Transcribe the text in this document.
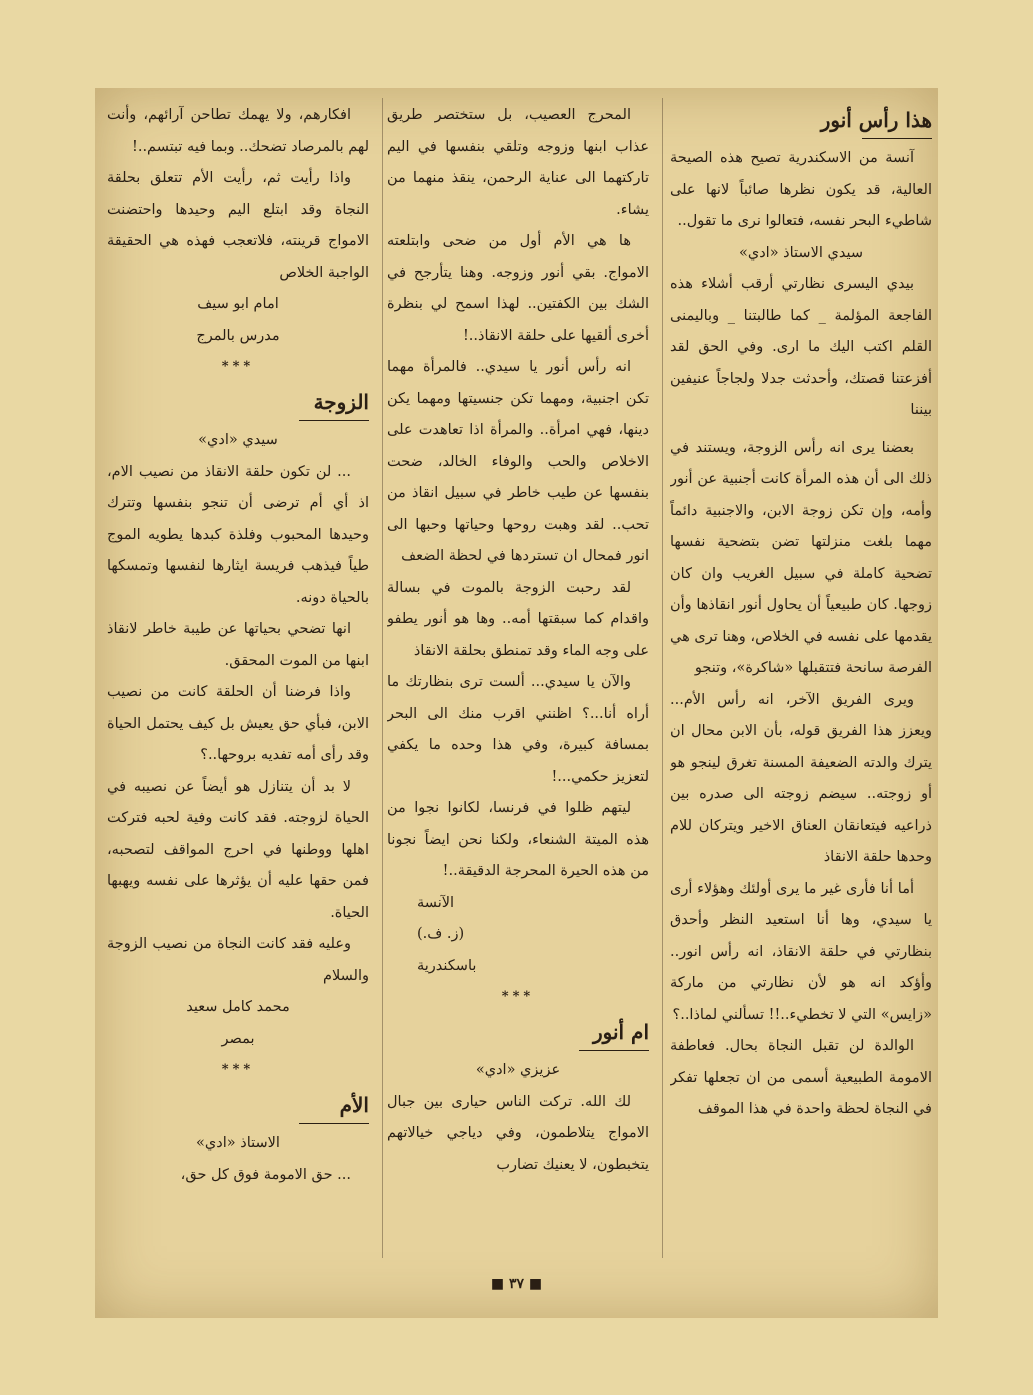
هذا رأس أنور

آنسة من الاسكندرية تصيح هذه الصيحة العالية، قد يكون نظرها صائباً لانها على شاطيء البحر نفسه، فتعالوا نرى ما تقول..

سيدي الاستاذ «ادي»

بيدي اليسرى نظارتي أرقب أشلاء هذه الفاجعة المؤلمة _ كما طالبتنا _ وباليمنى القلم اكتب اليك ما ارى. وفي الحق لقد أفزعتنا قصتك، وأحدثت جدلا ولجاجاً عنيفين بيننا

بعضنا يرى انه رأس الزوجة، ويستند في ذلك الى أن هذه المرأة كانت أجنبية عن أنور وأمه، وإن تكن زوجة الابن، والاجنبية دائماً مهما بلغت منزلتها تضن بتضحية نفسها تضحية كاملة في سبيل الغريب وان كان زوجها. كان طبيعياً أن يحاول أنور انقاذها وأن يقدمها على نفسه في الخلاص، وهنا ترى هي الفرصة سانحة فتتقبلها «شاكرة»، وتنجو

ويرى الفريق الآخر، انه رأس الأم... ويعزز هذا الفريق قوله، بأن الابن محال ان يترك والدته الضعيفة المسنة تغرق لينجو هو أو زوجته.. سيضم زوجته الى صدره بين ذراعيه فيتعانقان العناق الاخير ويتركان للام وحدها حلقة الانقاذ

أما أنا فأرى غير ما يرى أولئك وهؤلاء أرى يا سيدي، وها أنا استعيد النظر وأحدق بنظارتي في حلقة الانقاذ، انه رأس انور.. وأؤكد انه هو لأن نظارتي من ماركة «زايس» التي لا تخطيء..!! تسألني لماذا..؟

الوالدة لن تقبل النجاة بحال. فعاطفة الامومة الطبيعية أسمى من ان تجعلها تفكر في النجاة لحظة واحدة في هذا الموقف

المحرج العصيب، بل ستختصر طريق عذاب ابنها وزوجه وتلقي بنفسها في اليم تاركتهما الى عناية الرحمن، ينقذ منهما من يشاء.

ها هي الأم أول من ضحى وابتلعته الامواج. بقي أنور وزوجه. وهنا يتأرجح في الشك بين الكفتين.. لهذا اسمح لي بنظرة أخرى ألقيها على حلقة الانقاذ..!

انه رأس أنور يا سيدي.. فالمرأة مهما تكن اجنبية، ومهما تكن جنسيتها ومهما يكن دينها، فهي امرأة.. والمرأة اذا تعاهدت على الاخلاص والحب والوفاء الخالد، ضحت بنفسها عن طيب خاطر في سبيل انقاذ من تحب.. لقد وهبت روحها وحياتها وحبها الى انور فمحال ان تستردها في لحظة الضعف

لقد رحبت الزوجة بالموت في بسالة واقدام كما سبقتها أمه.. وها هو أنور يطفو على وجه الماء وقد تمنطق بحلقة الانقاذ

والآن يا سيدي... ألست ترى بنظارتك ما أراه أنا...؟ اظنني اقرب منك الى البحر بمسافة كبيرة، وفي هذا وحده ما يكفي لتعزيز حكمي...!

ليتهم ظلوا في فرنسا، لكانوا نجوا من هذه الميتة الشنعاء، ولكنا نحن ايضاً نجونا من هذه الحيرة المحرجة الدقيقة..!

الآنسة

(ز. ف.)

باسكندرية

***

ام أنور

عزيزي «ادي»

لك الله. تركت الناس حيارى بين جبال الامواج يتلاطمون، وفي دياجي خيالاتهم يتخبطون، لا يعنيك تضارب

افكارهم، ولا يهمك تطاحن آرائهم، وأنت لهم بالمرصاد تضحك.. وبما فيه تبتسم..!

واذا رأيت ثم، رأيت الأم تتعلق بحلقة النجاة وقد ابتلع اليم وحيدها واحتضنت الامواج قرينته، فلاتعجب فهذه هي الحقيقة الواجبة الخلاص

امام ابو سيف

مدرس بالمرج

***

الزوجة

سيدي «ادي»

... لن تكون حلقة الانقاذ من نصيب الام، اذ أي أم ترضى أن تنجو بنفسها وتترك وحيدها المحبوب وفلذة كبدها يطويه الموج طياً فيذهب فريسة ايثارها لنفسها وتمسكها بالحياة دونه.

انها تضحي بحياتها عن طيبة خاطر لانقاذ ابنها من الموت المحقق.

واذا فرضنا أن الحلقة كانت من نصيب الابن، فبأي حق يعيش بل كيف يحتمل الحياة وقد رأى أمه تفديه بروحها..؟

لا بد أن يتنازل هو أيضاً عن نصيبه في الحياة لزوجته. فقد كانت وفية لحبه فتركت اهلها ووطنها في احرج المواقف لتصحبه، فمن حقها عليه أن يؤثرها على نفسه ويهبها الحياة.

وعليه فقد كانت النجاة من نصيب الزوجة والسلام

محمد كامل سعيد

بمصر

***

الأم

الاستاذ «ادي»

... حق الامومة فوق كل حق،

■ ٣٧ ■
